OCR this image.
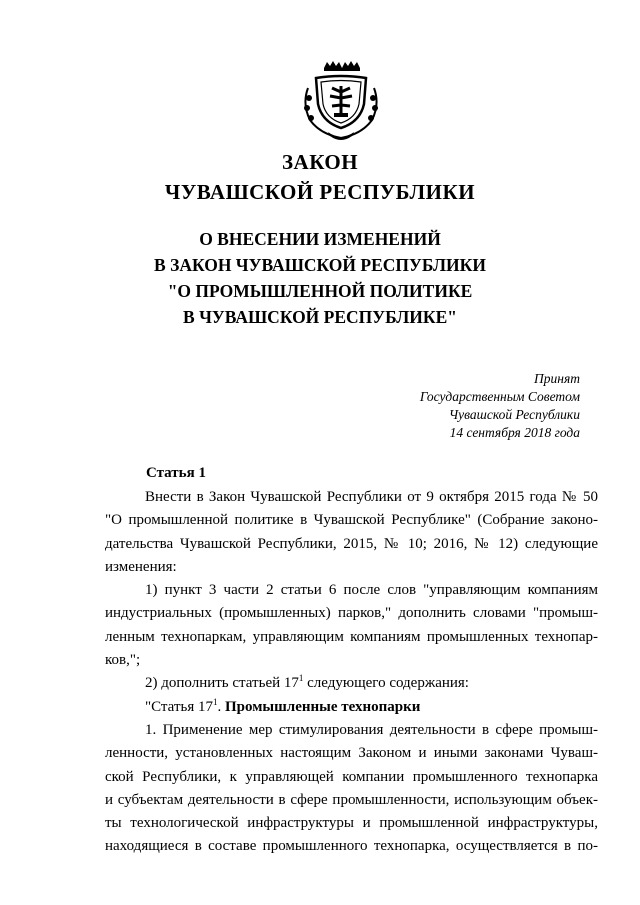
ЗАКОН
ЧУВАШСКОЙ РЕСПУБЛИКИ
О ВНЕСЕНИИ ИЗМЕНЕНИЙ
В ЗАКОН ЧУВАШСКОЙ РЕСПУБЛИКИ
"О ПРОМЫШЛЕННОЙ ПОЛИТИКЕ
В ЧУВАШСКОЙ РЕСПУБЛИКЕ"
Принят
Государственным Советом
Чувашской Республики
14 сентября 2018 года
Статья 1
Внести в Закон Чувашской Республики от 9 октября 2015 года № 50
"О промышленной политике в Чувашской Республике" (Собрание законо-
дательства Чувашской Республики, 2015, № 10; 2016, № 12) следующие
изменения:
1) пункт 3 части 2 статьи 6 после слов "управляющим компаниям
индустриальных (промышленных) парков," дополнить словами "промыш-
ленным технопаркам, управляющим компаниям промышленных технопар-
ков,";
2) дополнить статьей $17^1$ следующего содержания:
"Статья $17^1$. Промышленные технопарки
1. Применение мер стимулирования деятельности в сфере промыш-
ленности, установленных настоящим Законом и иными законами Чуваш-
ской Республики, к управляющей компании промышленного технопарка
и субъектам деятельности в сфере промышленности, использующим объек-
ты технологической инфраструктуры и промышленной инфраструктуры,
находящиеся в составе промышленного технопарка, осуществляется в по-
